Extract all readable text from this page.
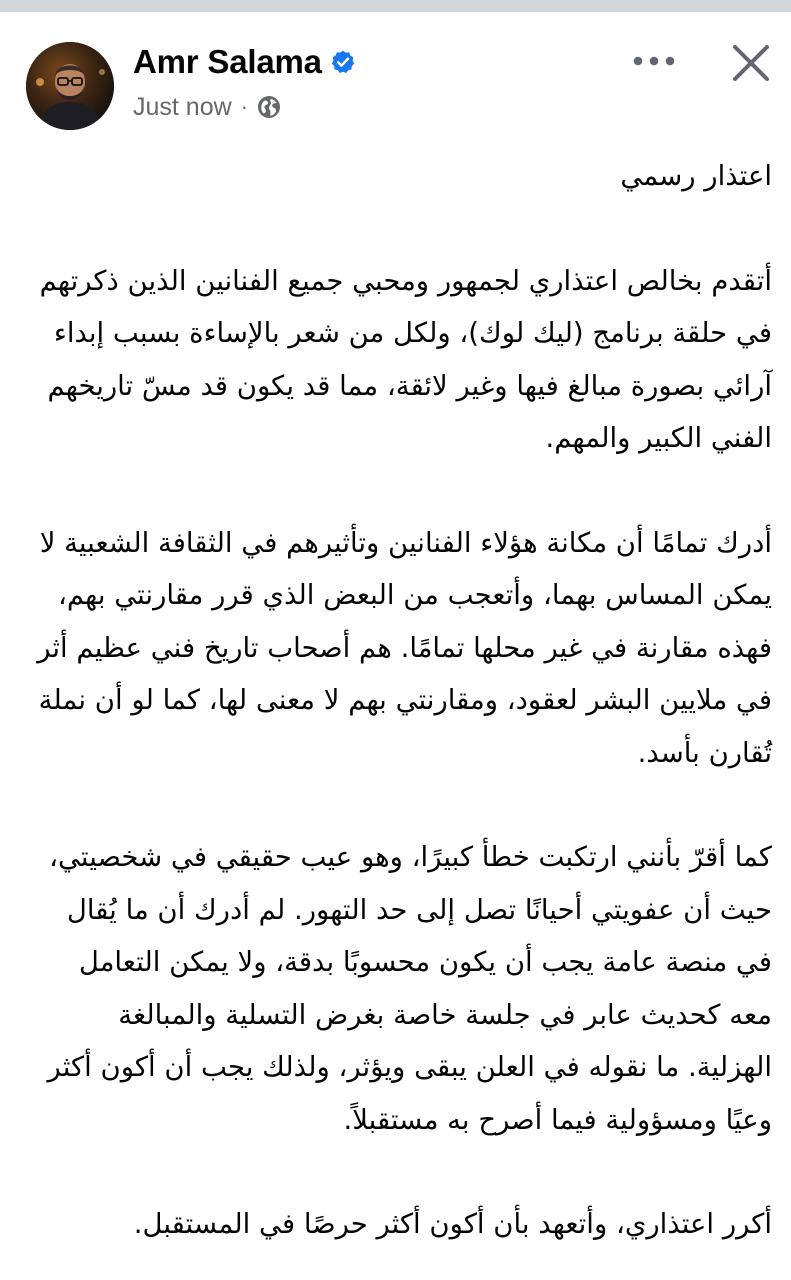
Amr Salama
Just now ·

اعتذار رسمي

أتقدم بخالص اعتذاري لجمهور ومحبي جميع الفنانين الذين ذكرتهم في حلقة برنامج (ليك لوك)، ولكل من شعر بالإساءة بسبب إبداء آرائي بصورة مبالغ فيها وغير لائقة، مما قد يكون قد مسّ تاريخهم الفني الكبير والمهم.

أدرك تمامًا أن مكانة هؤلاء الفنانين وتأثيرهم في الثقافة الشعبية لا يمكن المساس بهما، وأتعجب من البعض الذي قرر مقارنتي بهم، فهذه مقارنة في غير محلها تمامًا. هم أصحاب تاريخ فني عظيم أثر في ملايين البشر لعقود، ومقارنتي بهم لا معنى لها، كما لو أن نملة تُقارن بأسد.

كما أقرّ بأنني ارتكبت خطأ كبيرًا، وهو عيب حقيقي في شخصيتي، حيث أن عفويتي أحيانًا تصل إلى حد التهور. لم أدرك أن ما يُقال في منصة عامة يجب أن يكون محسوبًا بدقة، ولا يمكن التعامل معه كحديث عابر في جلسة خاصة بغرض التسلية والمبالغة الهزلية. ما نقوله في العلن يبقى ويؤثر، ولذلك يجب أن أكون أكثر وعيًا ومسؤولية فيما أصرح به مستقبلاً.

أكرر اعتذاري، وأتعهد بأن أكون أكثر حرصًا في المستقبل.
